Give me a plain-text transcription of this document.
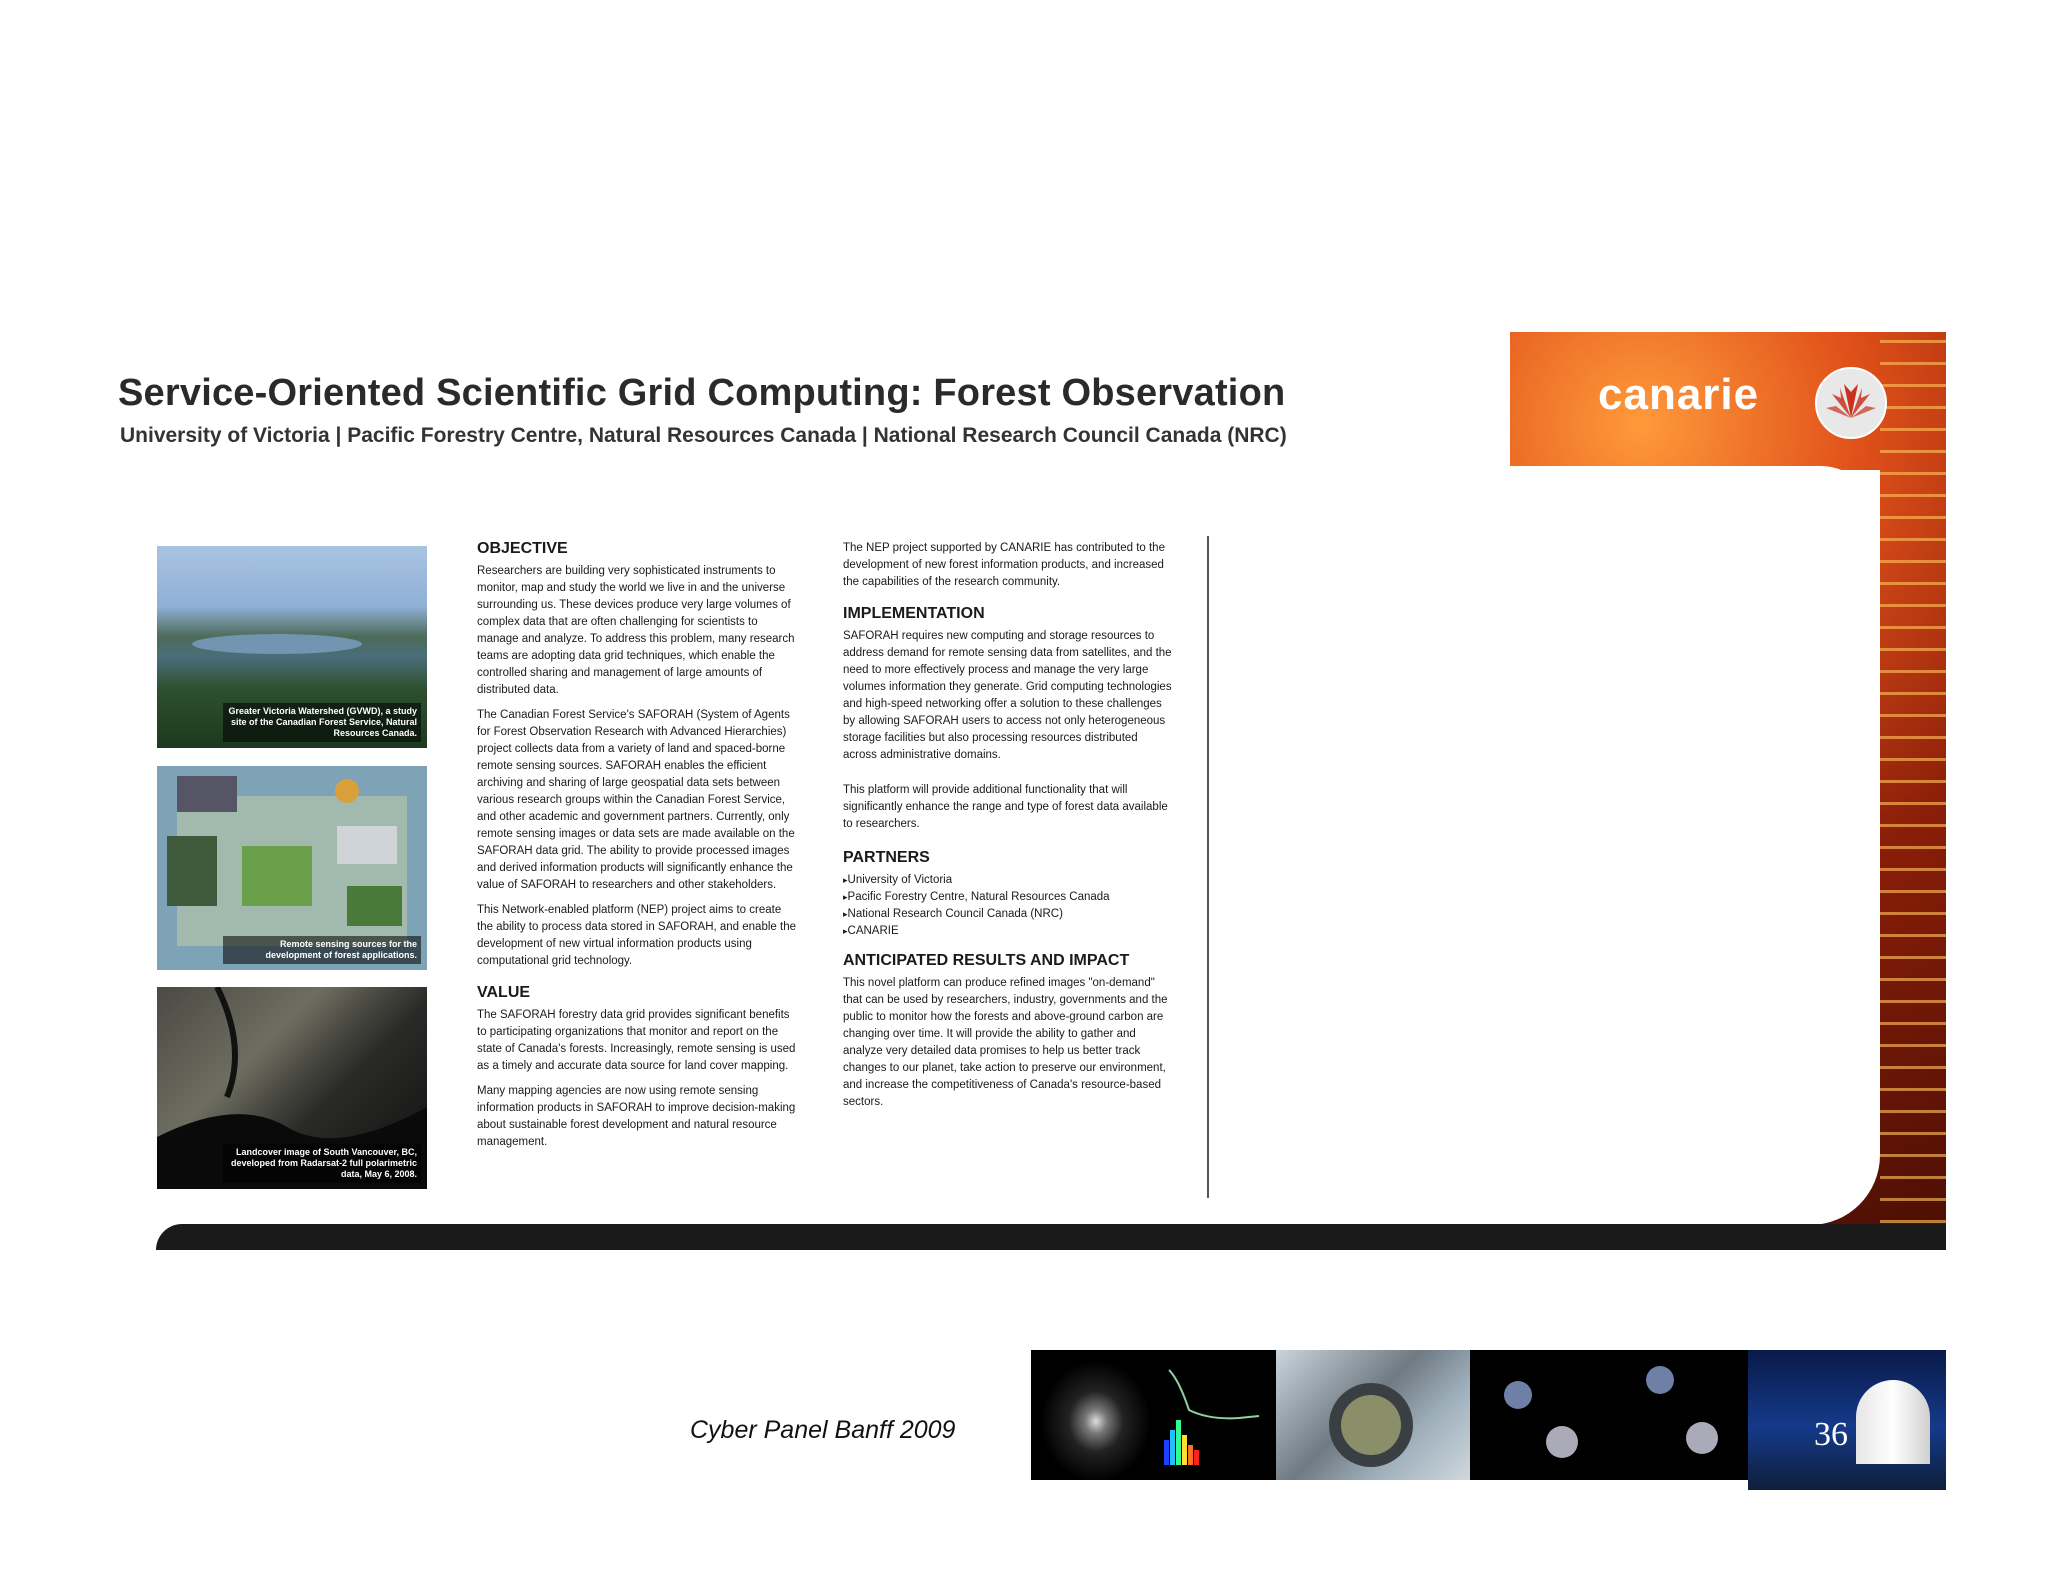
Service-Oriented Scientific Grid Computing: Forest Observation
University of Victoria | Pacific Forestry Centre, Natural Resources Canada | National Research Council Canada (NRC)
canarie
Greater Victoria Watershed (GVWD), a study site of the Canadian Forest Service, Natural Resources Canada.
Remote sensing sources for the development of forest applications.
Landcover image of South Vancouver, BC, developed from Radarsat-2 full polarimetric data, May 6, 2008.
OBJECTIVE

Researchers are building very sophisticated instruments to monitor, map and study the world we live in and the universe surrounding us. These devices produce very large volumes of complex data that are often challenging for scientists to manage and analyze. To address this problem, many research teams are adopting data grid techniques, which enable the controlled sharing and management of large amounts of distributed data.

The Canadian Forest Service's SAFORAH (System of Agents for Forest Observation Research with Advanced Hierarchies) project collects data from a variety of land and spaced-borne remote sensing sources. SAFORAH enables the efficient archiving and sharing of large geospatial data sets between various research groups within the Canadian Forest Service, and other academic and government partners. Currently, only remote sensing images or data sets are made available on the SAFORAH data grid. The ability to provide processed images and derived information products will significantly enhance the value of SAFORAH to researchers and other stakeholders.

This Network-enabled platform (NEP) project aims to create the ability to process data stored in SAFORAH, and enable the development of new virtual information products using computational grid technology.

VALUE

The SAFORAH forestry data grid provides significant benefits to participating organizations that monitor and report on the state of Canada's forests. Increasingly, remote sensing is used as a timely and accurate data source for land cover mapping.

Many mapping agencies are now using remote sensing information products in SAFORAH to improve decision-making about sustainable forest development and natural resource management.

The NEP project supported by CANARIE has contributed to the development of new forest information products, and increased the capabilities of the research community.

IMPLEMENTATION

SAFORAH requires new computing and storage resources to address demand for remote sensing data from satellites, and the need to more effectively process and manage the very large volumes information they generate. Grid computing technologies and high-speed networking offer a solution to these challenges by allowing SAFORAH users to access not only heterogeneous storage facilities but also processing resources distributed across administrative domains.

This platform will provide additional functionality that will significantly enhance the range and type of forest data available to researchers.

PARTNERS
▸ University of Victoria
▸ Pacific Forestry Centre, Natural Resources Canada
▸ National Research Council Canada (NRC)
▸ CANARIE
ANTICIPATED RESULTS AND IMPACT

This novel platform can produce refined images "on-demand" that can be used by researchers, industry, governments and the public to monitor how the forests and above-ground carbon are changing over time. It will provide the ability to gather and analyze very detailed data promises to help us better track changes to our planet, take action to preserve our environment, and increase the competitiveness of Canada's resource-based sectors.

Cyber Panel Banff 2009	36
